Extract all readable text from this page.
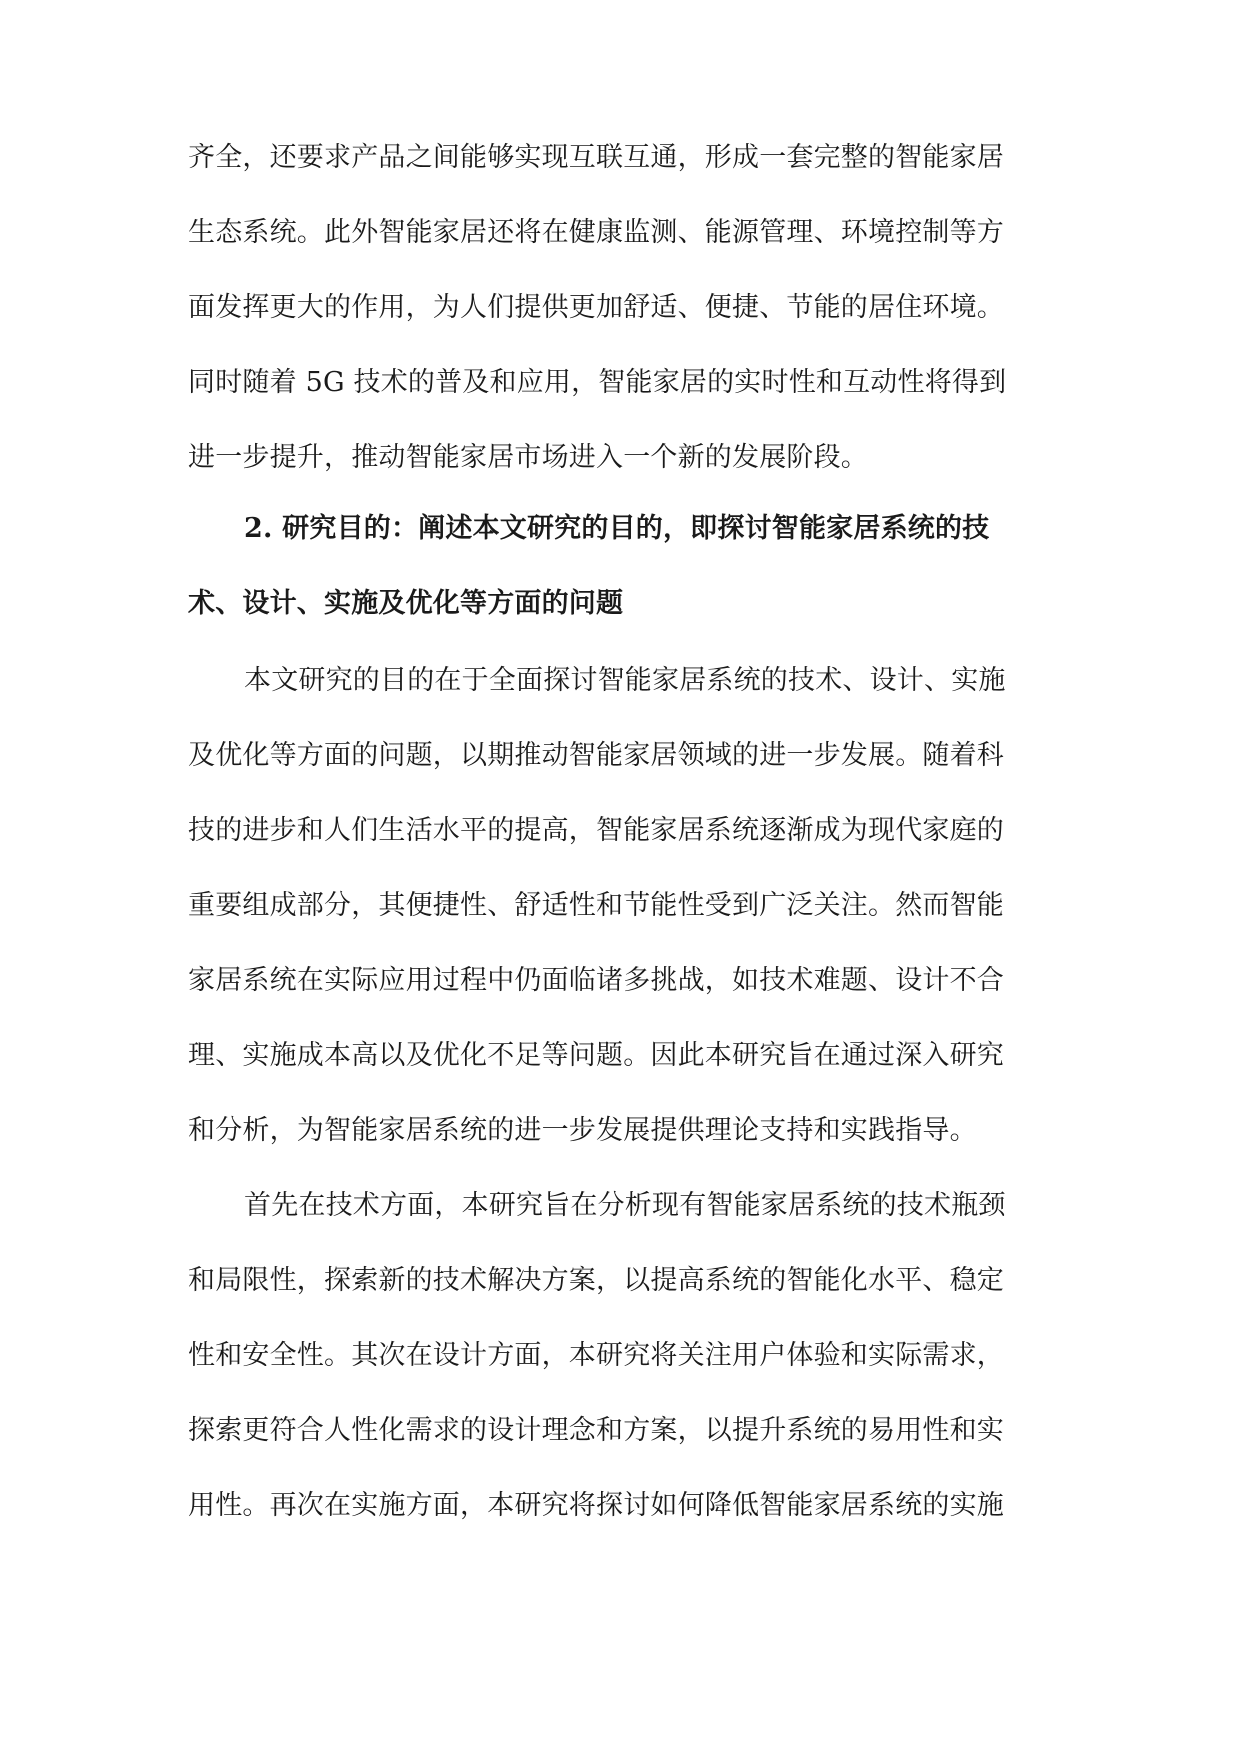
齐全，还要求产品之间能够实现互联互通，形成一套完整的智能家居
生态系统。此外智能家居还将在健康监测、能源管理、环境控制等方
面发挥更大的作用，为人们提供更加舒适、便捷、节能的居住环境。
同时随着 5G 技术的普及和应用，智能家居的实时性和互动性将得到
进一步提升，推动智能家居市场进入一个新的发展阶段。
2. 研究目的：阐述本文研究的目的，即探讨智能家居系统的技
术、设计、实施及优化等方面的问题
本文研究的目的在于全面探讨智能家居系统的技术、设计、实施
及优化等方面的问题，以期推动智能家居领域的进一步发展。随着科
技的进步和人们生活水平的提高，智能家居系统逐渐成为现代家庭的
重要组成部分，其便捷性、舒适性和节能性受到广泛关注。然而智能
家居系统在实际应用过程中仍面临诸多挑战，如技术难题、设计不合
理、实施成本高以及优化不足等问题。因此本研究旨在通过深入研究
和分析，为智能家居系统的进一步发展提供理论支持和实践指导。
首先在技术方面，本研究旨在分析现有智能家居系统的技术瓶颈
和局限性，探索新的技术解决方案，以提高系统的智能化水平、稳定
性和安全性。其次在设计方面，本研究将关注用户体验和实际需求，
探索更符合人性化需求的设计理念和方案，以提升系统的易用性和实
用性。再次在实施方面，本研究将探讨如何降低智能家居系统的实施
